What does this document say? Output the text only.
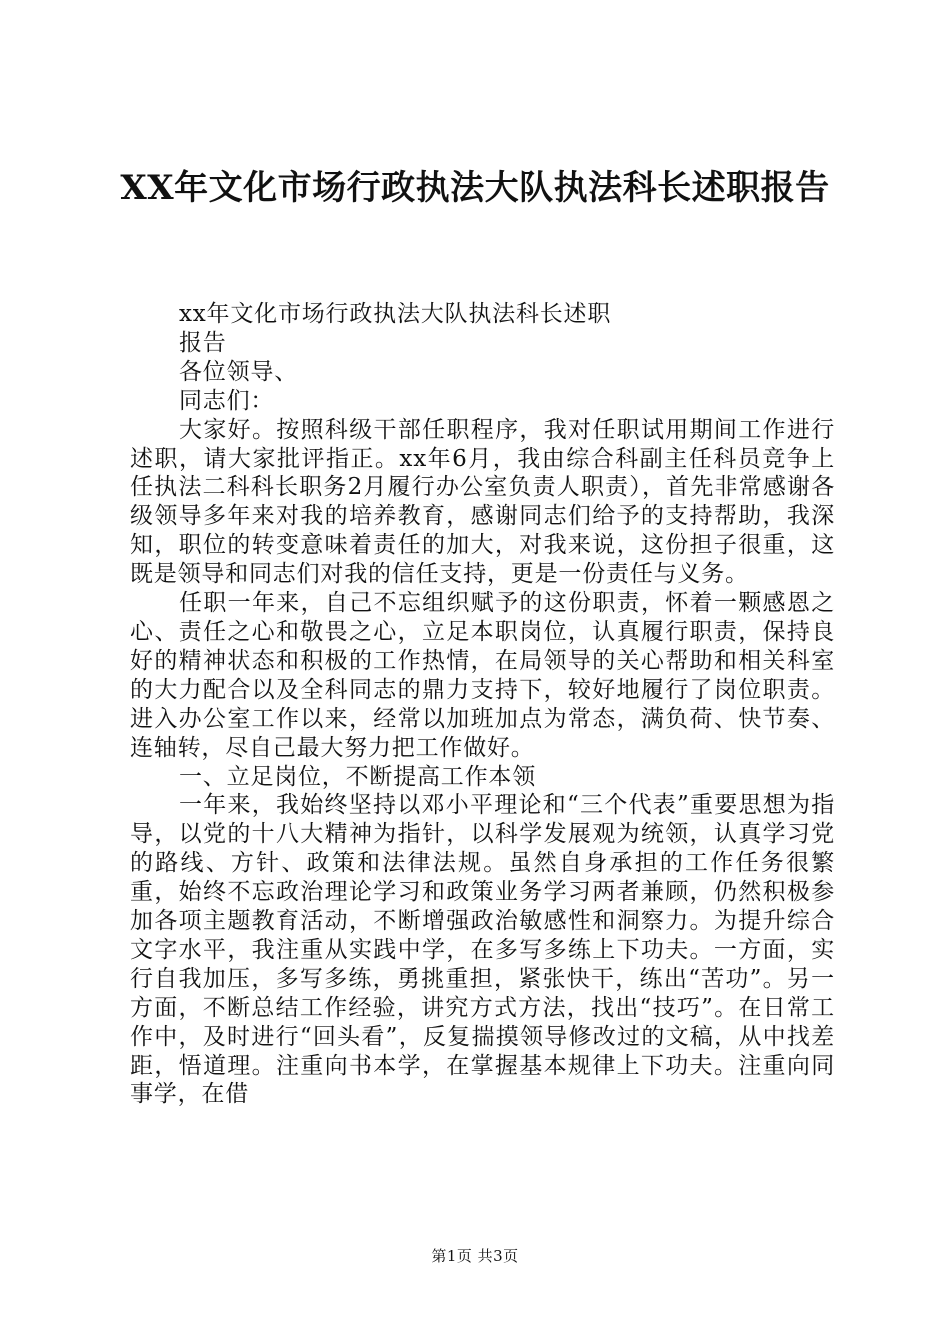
XX年文化市场行政执法大队执法科长述职报告

xx年文化市场行政执法大队执法科长述职

报告

各位领导、

同志们：

大家好。按照科级干部任职程序，我对任职试用期间工作进行述职，请大家批评指正。xx年6月，我由综合科副主任科员竞争上任执法二科科长职务2月履行办公室负责人职责），首先非常感谢各级领导多年来对我的培养教育，感谢同志们给予的支持帮助，我深知，职位的转变意味着责任的加大，对我来说，这份担子很重，这既是领导和同志们对我的信任支持，更是一份责任与义务。

任职一年来，自己不忘组织赋予的这份职责，怀着一颗感恩之心、责任之心和敬畏之心，立足本职岗位，认真履行职责，保持良好的精神状态和积极的工作热情，在局领导的关心帮助和相关科室的大力配合以及全科同志的鼎力支持下，较好地履行了岗位职责。进入办公室工作以来，经常以加班加点为常态，满负荷、快节奏、连轴转，尽自己最大努力把工作做好。

一、立足岗位，不断提高工作本领

一年来，我始终坚持以邓小平理论和“三个代表”重要思想为指导，以党的十八大精神为指针，以科学发展观为统领，认真学习党的路线、方针、政策和法律法规。虽然自身承担的工作任务很繁重，始终不忘政治理论学习和政策业务学习两者兼顾，仍然积极参加各项主题教育活动，不断增强政治敏感性和洞察力。为提升综合文字水平，我注重从实践中学，在多写多练上下功夫。一方面，实行自我加压，多写多练，勇挑重担，紧张快干，练出“苦功”。另一方面，不断总结工作经验，讲究方式方法，找出“技巧”。在日常工作中，及时进行“回头看”，反复揣摸领导修改过的文稿，从中找差距，悟道理。注重向书本学，在掌握基本规律上下功夫。注重向同事学，在借

第1页 共3页
